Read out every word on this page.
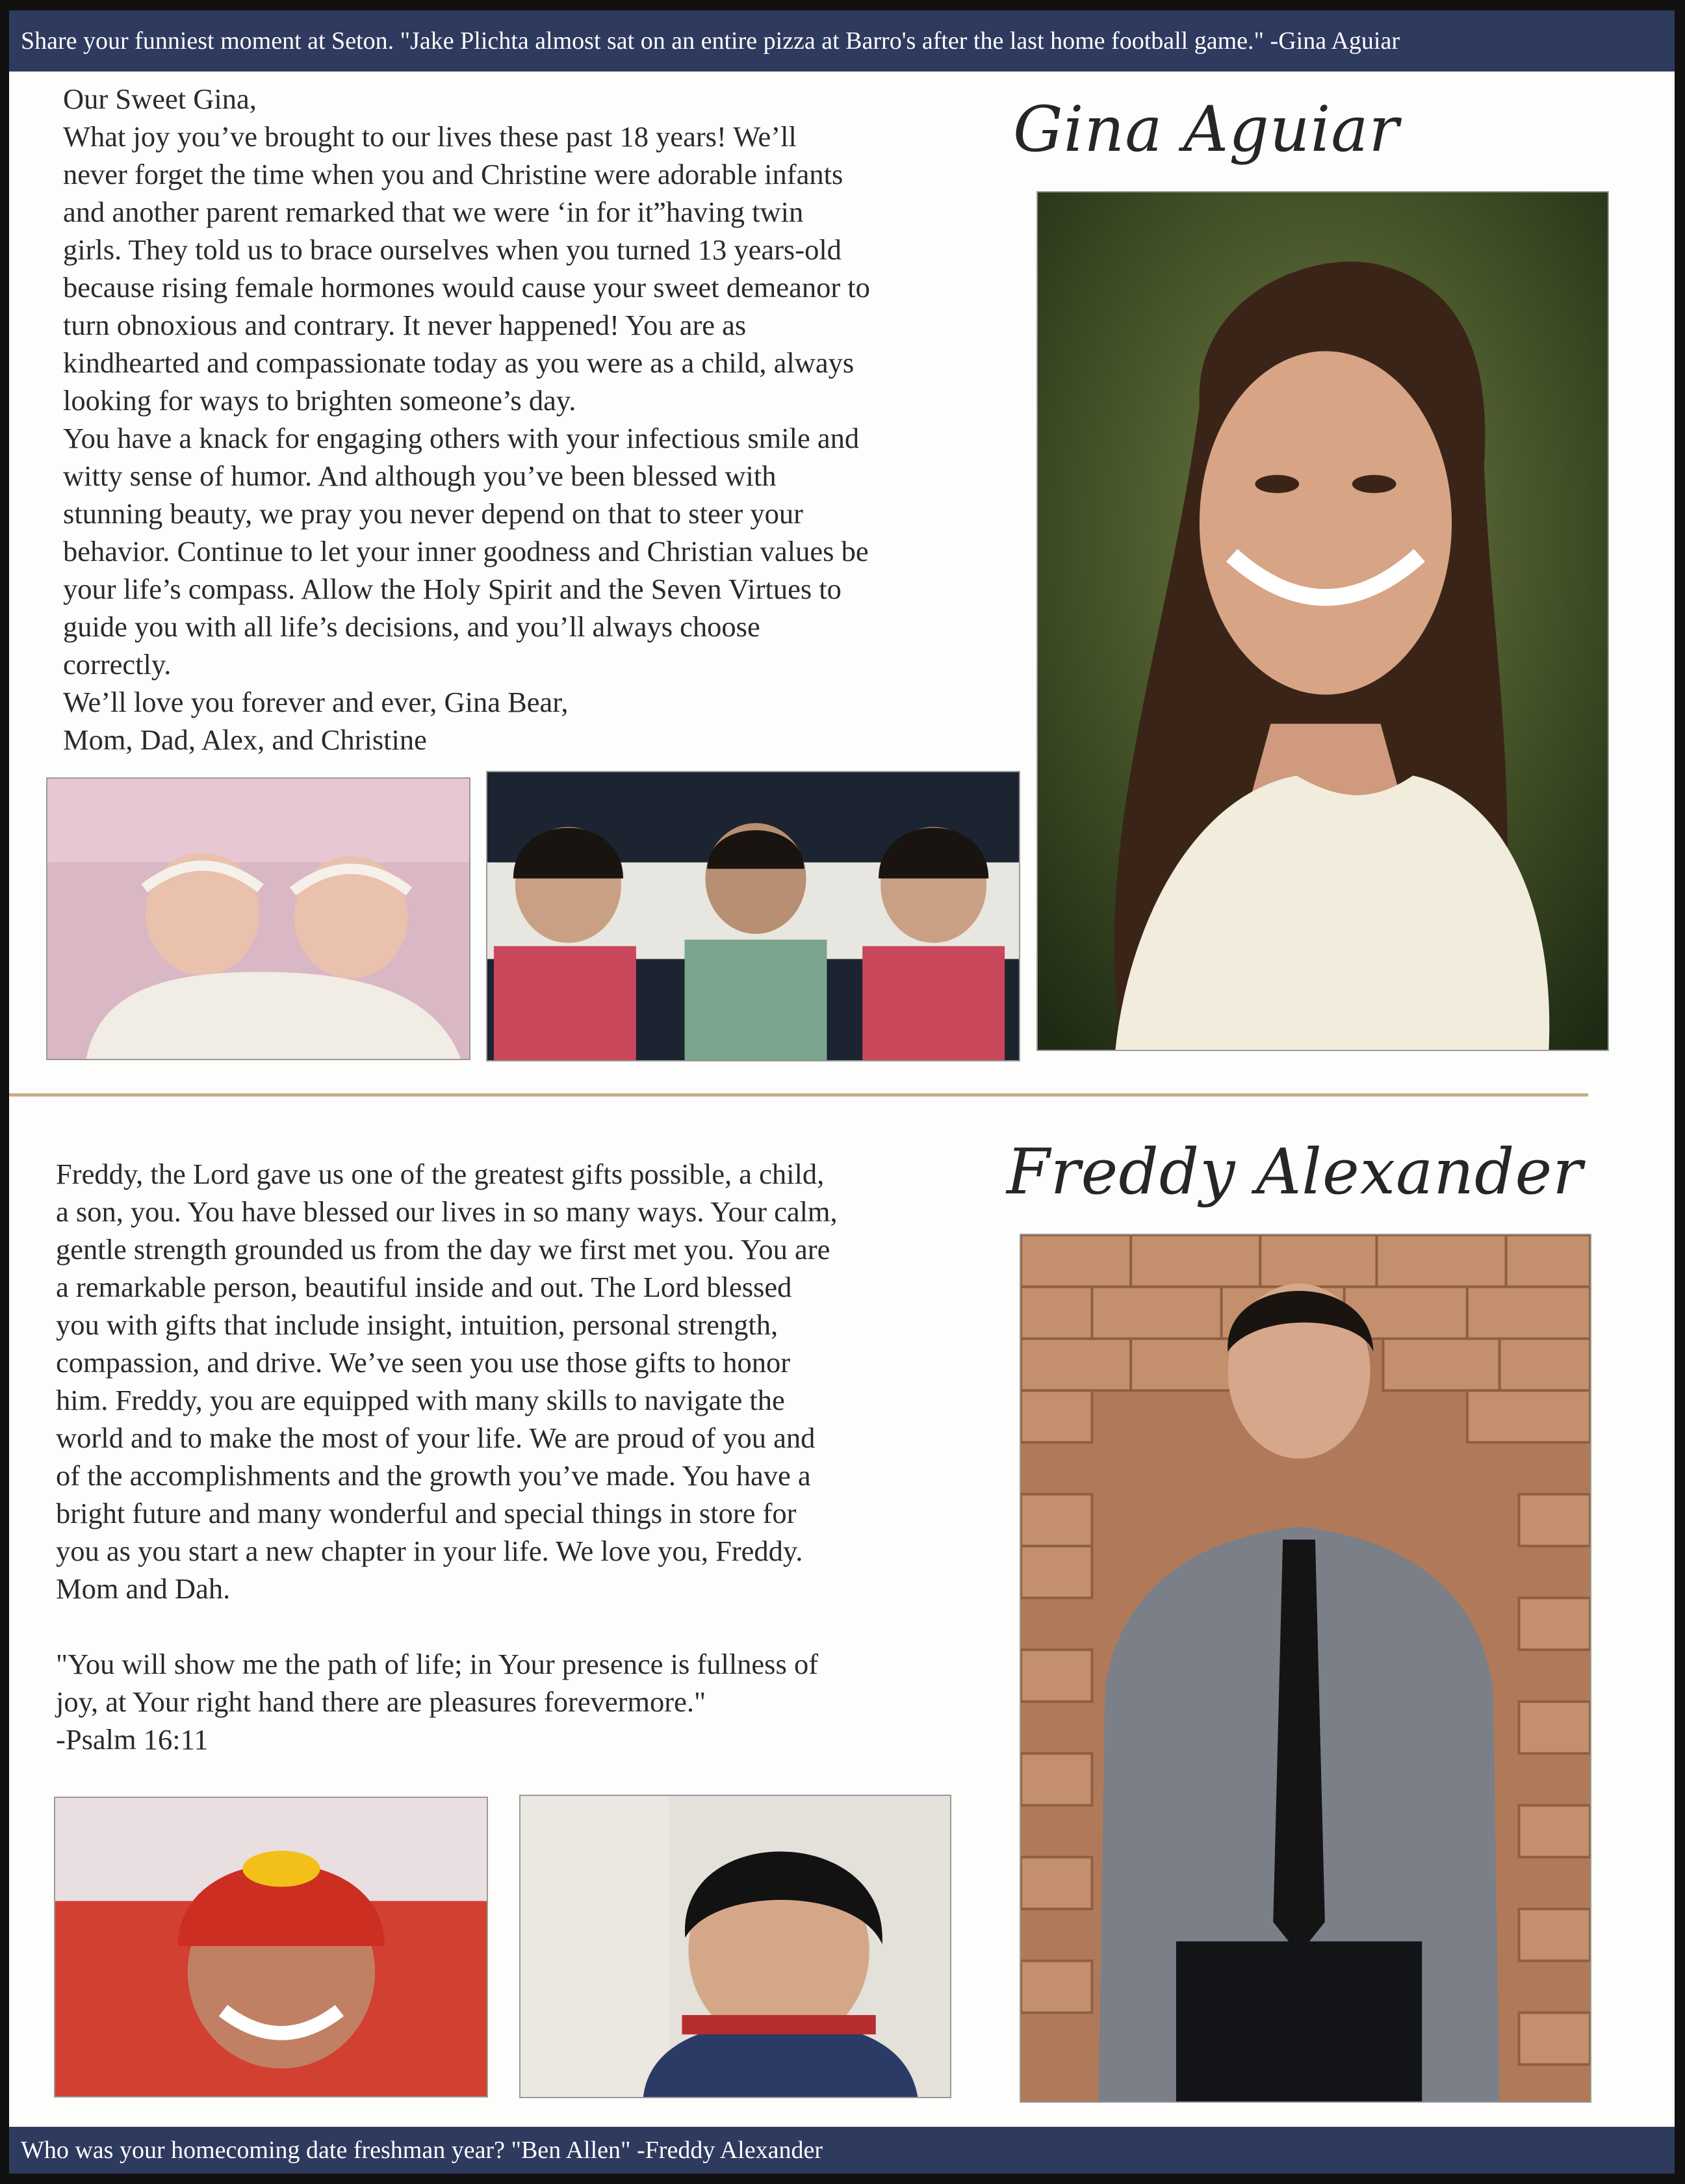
Share your funniest moment at Seton. "Jake Plichta almost sat on an entire pizza at Barro's after the last home football game." -Gina Aguiar

Our Sweet Gina,

What joy you’ve brought to our lives these past 18 years! We’ll

never forget the time when you and Christine were adorable infants

and another parent remarked that we were ‘in for it”having twin

girls. They told us to brace ourselves when you turned 13 years-old

because rising female hormones would cause your sweet demeanor to

turn obnoxious and contrary. It never happened! You are as

kindhearted and compassionate today as you were as a child, always

looking for ways to brighten someone’s day.

You have a knack for engaging others with your infectious smile and

witty sense of humor. And although you’ve been blessed with

stunning beauty, we pray you never depend on that to steer your

behavior. Continue to let your inner goodness and Christian values be

your life’s compass. Allow the Holy Spirit and the Seven Virtues to

guide you with all life’s decisions, and you’ll always choose

correctly.

We’ll love you forever and ever, Gina Bear,

Mom, Dad, Alex, and Christine

Gina Aguiar

Freddy, the Lord gave us one of the greatest gifts possible, a child,

a son, you. You have blessed our lives in so many ways. Your calm,

gentle strength grounded us from the day we first met you. You are

a remarkable person, beautiful inside and out. The Lord blessed

you with gifts that include insight, intuition, personal strength,

compassion, and drive. We’ve seen you use those gifts to honor

him. Freddy, you are equipped with many skills to navigate the

world and to make the most of your life. We are proud of you and

of the accomplishments and the growth you’ve made. You have a

bright future and many wonderful and special things in store for

you as you start a new chapter in your life. We love you, Freddy.

Mom and Dah.

"You will show me the path of life; in Your presence is fullness of

joy, at Your right hand there are pleasures forevermore."

-Psalm 16:11

Freddy Alexander
Who was your homecoming date freshman year? "Ben Allen" -Freddy Alexander
